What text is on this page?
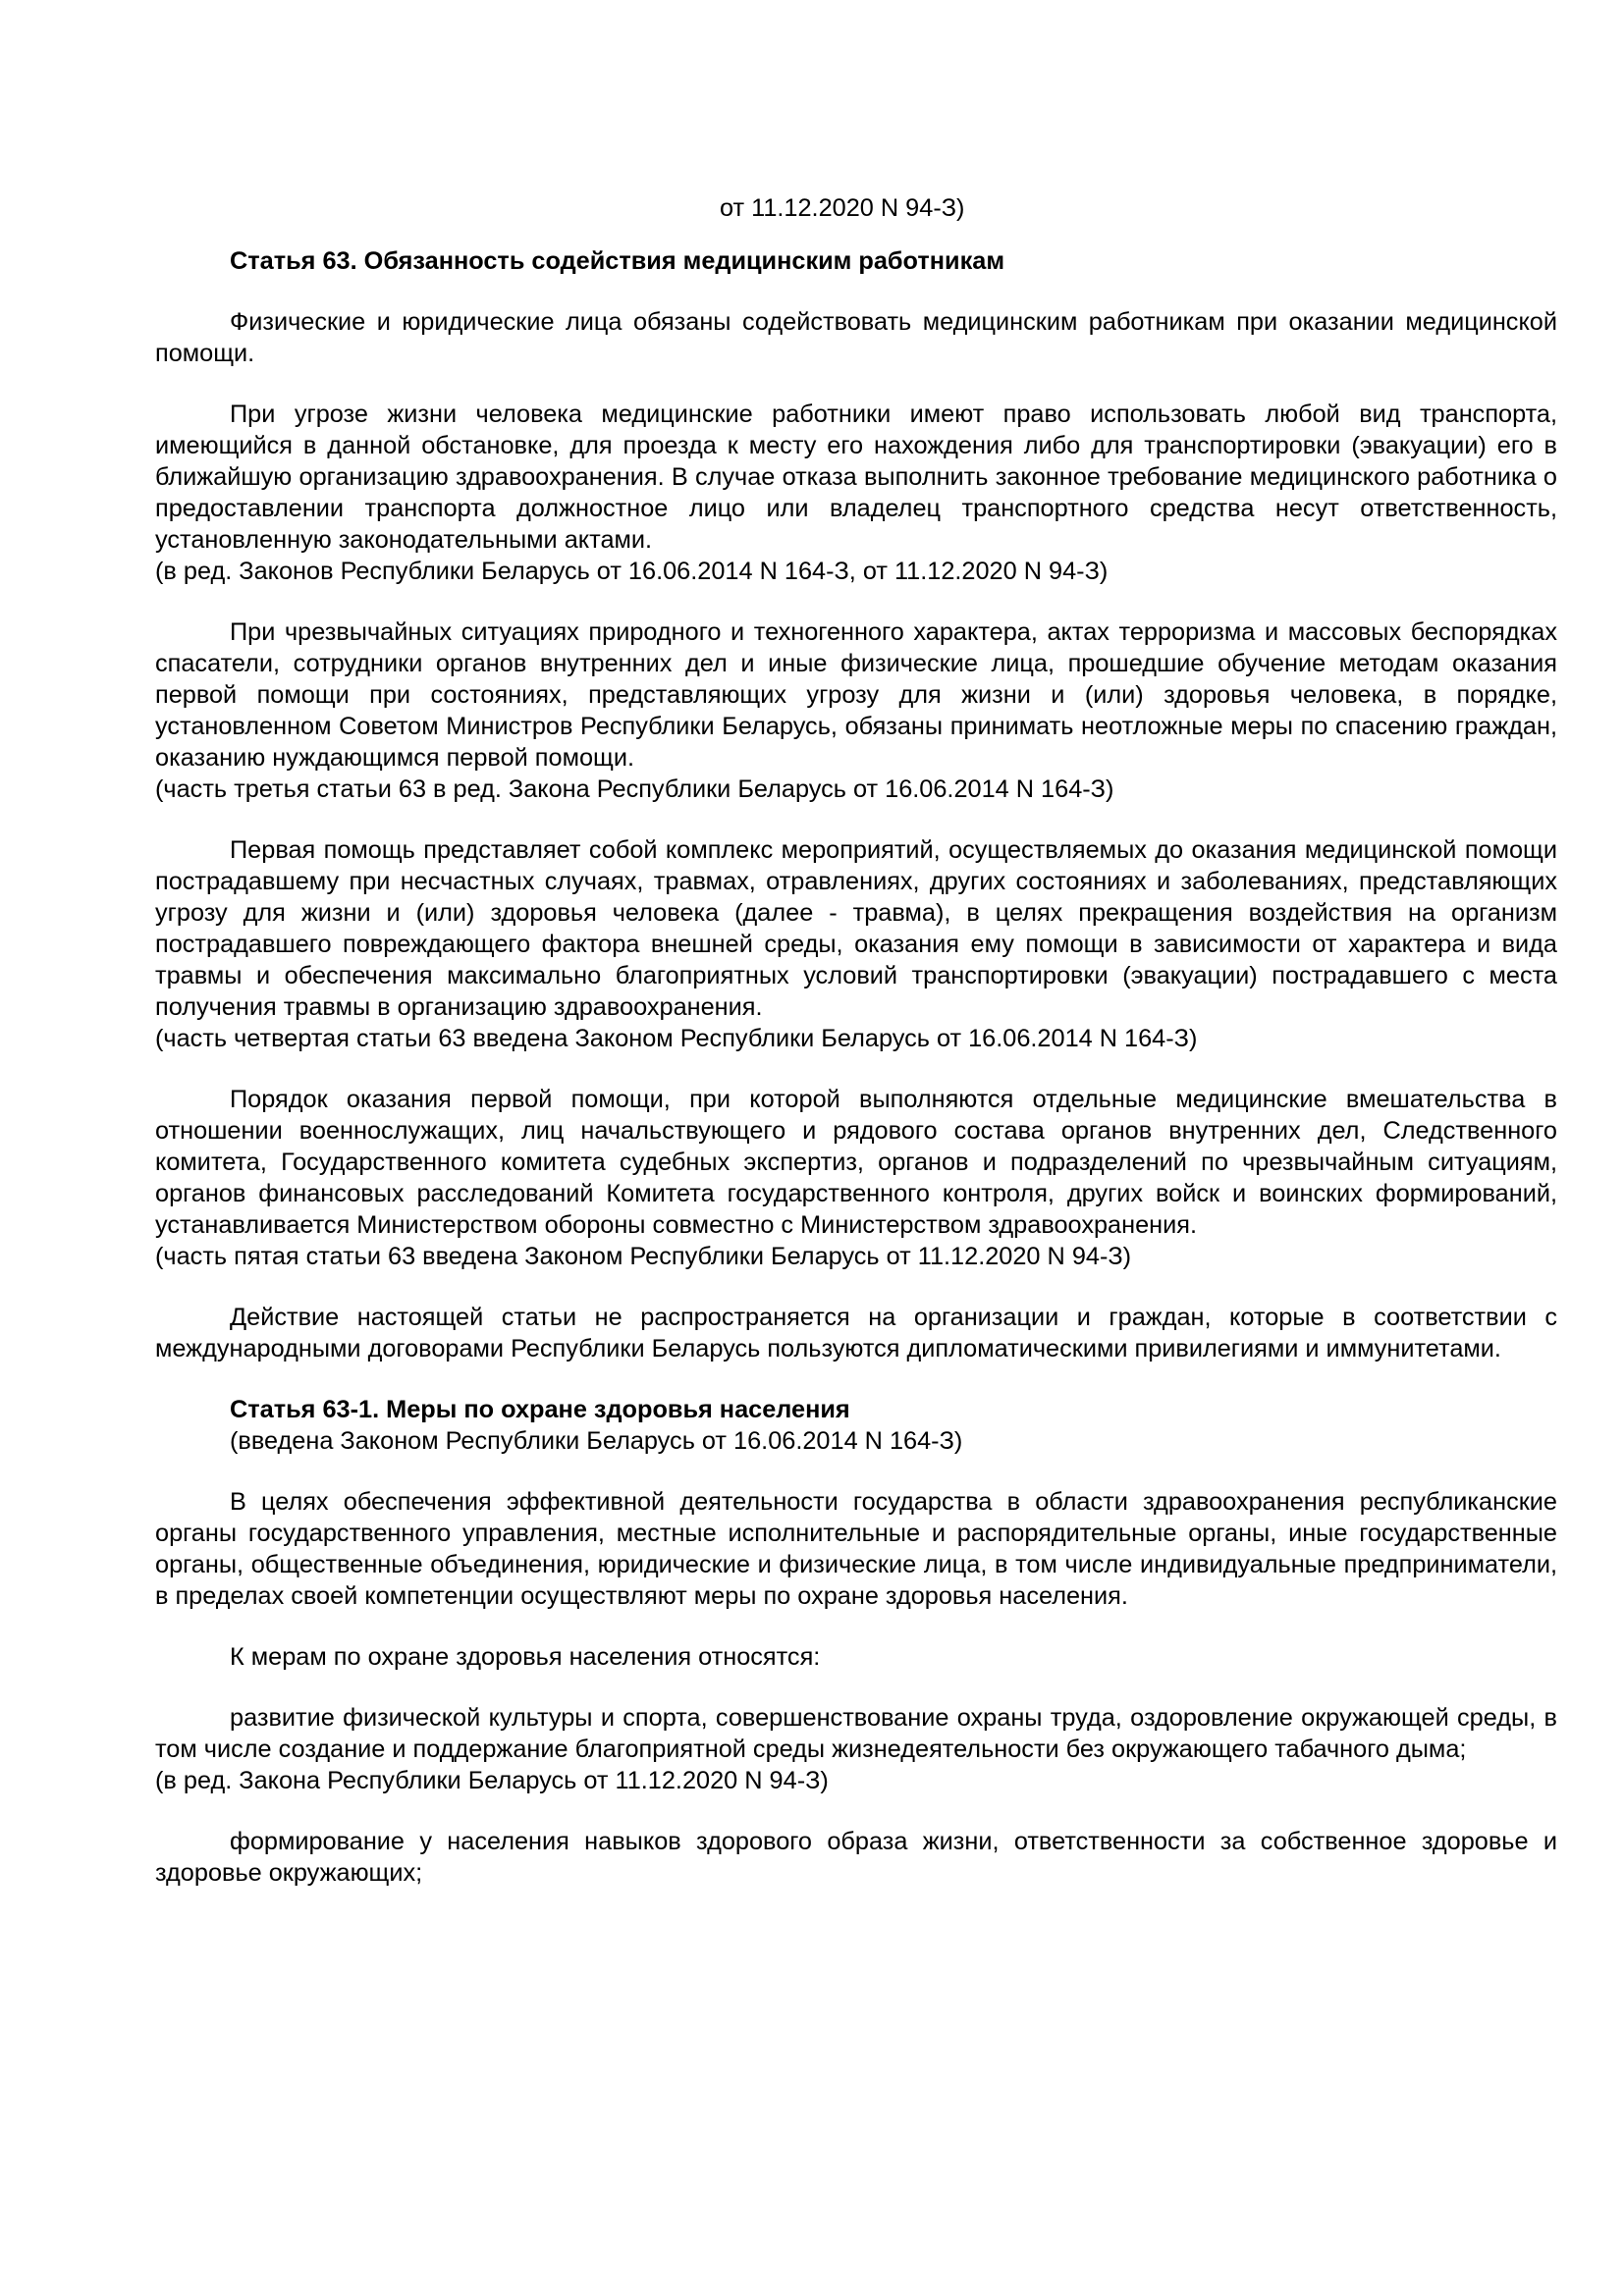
от 11.12.2020 N 94-З)

Статья 63. Обязанность содействия медицинским работникам

Физические и юридические лица обязаны содействовать медицинским работникам при оказании медицинской помощи.

При угрозе жизни человека медицинские работники имеют право использовать любой вид транспорта, имеющийся в данной обстановке, для проезда к месту его нахождения либо для транспортировки (эвакуации) его в ближайшую организацию здравоохранения. В случае отказа выполнить законное требование медицинского работника о предоставлении транспорта должностное лицо или владелец транспортного средства несут ответственность, установленную законодательными актами.

(в ред. Законов Республики Беларусь от 16.06.2014 N 164-З, от 11.12.2020 N 94-З)

При чрезвычайных ситуациях природного и техногенного характера, актах терроризма и массовых беспорядках спасатели, сотрудники органов внутренних дел и иные физические лица, прошедшие обучение методам оказания первой помощи при состояниях, представляющих угрозу для жизни и (или) здоровья человека, в порядке, установленном Советом Министров Республики Беларусь, обязаны принимать неотложные меры по спасению граждан, оказанию нуждающимся первой помощи.

(часть третья статьи 63 в ред. Закона Республики Беларусь от 16.06.2014 N 164-З)

Первая помощь представляет собой комплекс мероприятий, осуществляемых до оказания медицинской помощи пострадавшему при несчастных случаях, травмах, отравлениях, других состояниях и заболеваниях, представляющих угрозу для жизни и (или) здоровья человека (далее - травма), в целях прекращения воздействия на организм пострадавшего повреждающего фактора внешней среды, оказания ему помощи в зависимости от характера и вида травмы и обеспечения максимально благоприятных условий транспортировки (эвакуации) пострадавшего с места получения травмы в организацию здравоохранения.

(часть четвертая статьи 63 введена Законом Республики Беларусь от 16.06.2014 N 164-З)

Порядок оказания первой помощи, при которой выполняются отдельные медицинские вмешательства в отношении военнослужащих, лиц начальствующего и рядового состава органов внутренних дел, Следственного комитета, Государственного комитета судебных экспертиз, органов и подразделений по чрезвычайным ситуациям, органов финансовых расследований Комитета государственного контроля, других войск и воинских формирований, устанавливается Министерством обороны совместно с Министерством здравоохранения.

(часть пятая статьи 63 введена Законом Республики Беларусь от 11.12.2020 N 94-З)

Действие настоящей статьи не распространяется на организации и граждан, которые в соответствии с международными договорами Республики Беларусь пользуются дипломатическими привилегиями и иммунитетами.

Статья 63-1. Меры по охране здоровья населения

(введена Законом Республики Беларусь от 16.06.2014 N 164-З)

В целях обеспечения эффективной деятельности государства в области здравоохранения республиканские органы государственного управления, местные исполнительные и распорядительные органы, иные государственные органы, общественные объединения, юридические и физические лица, в том числе индивидуальные предприниматели, в пределах своей компетенции осуществляют меры по охране здоровья населения.

К мерам по охране здоровья населения относятся:

развитие физической культуры и спорта, совершенствование охраны труда, оздоровление окружающей среды, в том числе создание и поддержание благоприятной среды жизнедеятельности без окружающего табачного дыма;

(в ред. Закона Республики Беларусь от 11.12.2020 N 94-З)

формирование у населения навыков здорового образа жизни, ответственности за собственное здоровье и здоровье окружающих;
